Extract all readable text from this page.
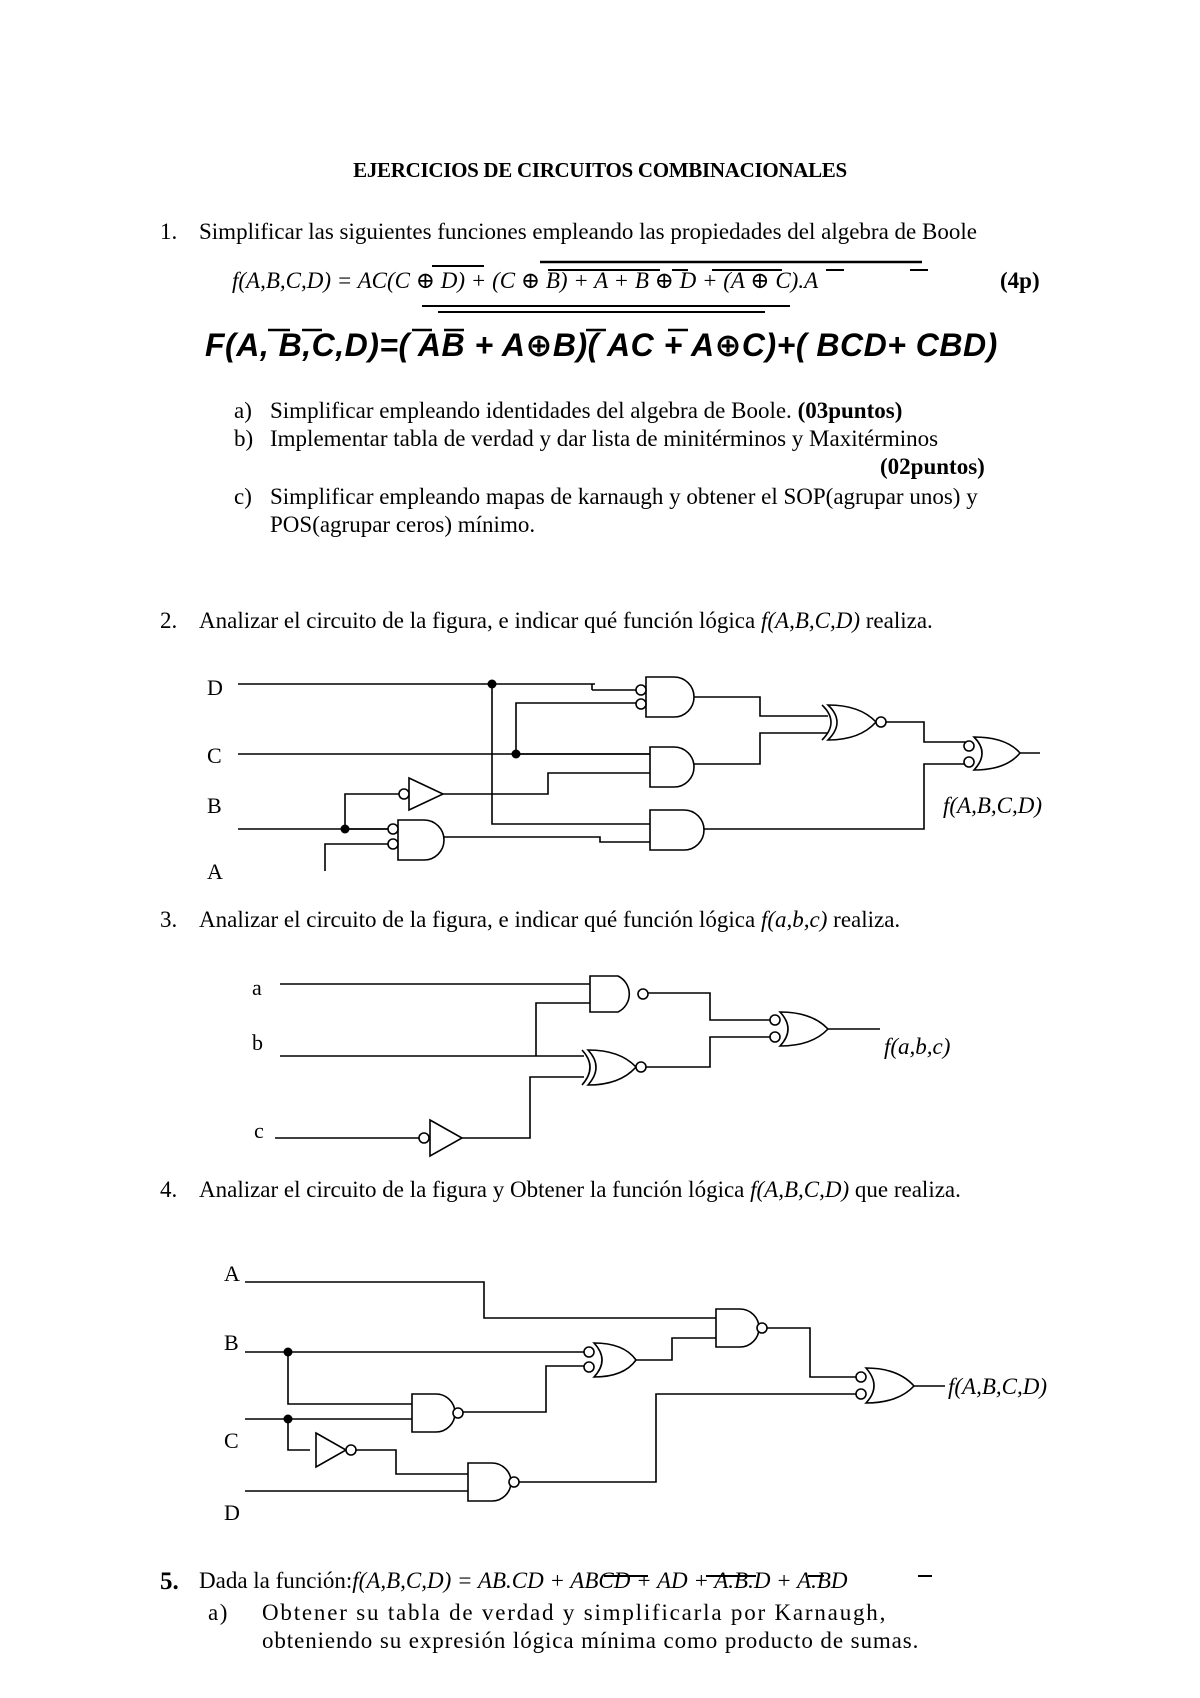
EJERCICIOS DE CIRCUITOS COMBINACIONALES
1. Simplificar las siguientes funciones empleando las propiedades del algebra de Boole
f(A,B,C,D) = AC(C ⊕ D) + (C ⊕ B) + A + B ⊕ D + (A ⊕ C).A	(4p)
F(A, B,C,D)=( AB + A⊕B)( AC + A⊕C)+( BCD+ CBD)
a) Simplificar empleando identidades del algebra de Boole. (03puntos)
b) Implementar tabla de verdad y dar lista de minitérminos y Maxitérminos
(02puntos)
c) Simplificar empleando mapas de karnaugh y obtener el SOP(agrupar unos) y
POS(agrupar ceros) mínimo.
2. Analizar el circuito de la figura, e indicar qué función lógica f(A,B,C,D) realiza.
3. Analizar el circuito de la figura, e indicar qué función lógica f(a,b,c) realiza.
4. Analizar el circuito de la figura y Obtener la función lógica f(A,B,C,D) que realiza.
5. Dada la función:f(A,B,C,D) = AB.CD + ABCD + AD + A.B.D + A.BD
a) Obtener su tabla de verdad y simplificarla por Karnaugh,
obteniendo su expresión lógica mínima como producto de sumas.
D
C
B
A
f(A,B,C,D)
a
b
c
f(a,b,c)
A
B
C
D
f(A,B,C,D)
